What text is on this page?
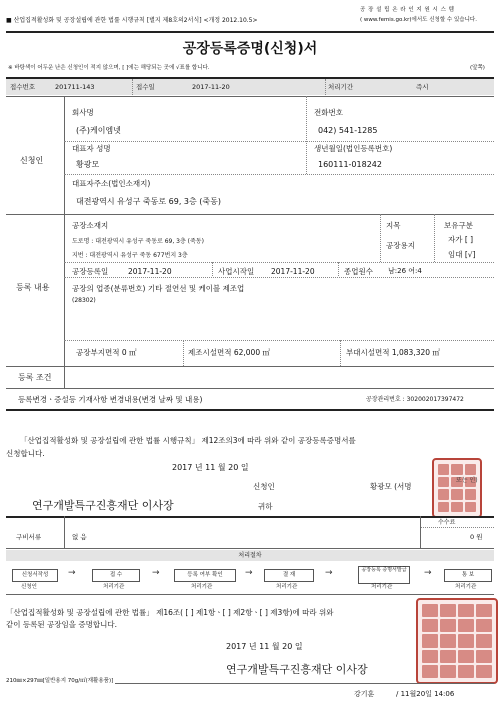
■ 산업집적활성화 및 공장설립에 관한 법률 시행규칙 [별지 제8호의2서식] <개정 2012.10.5>
공 장 설 립 온 라 인 지 원 시 스 템
( www.femis.go.kr)에서도 신청할 수 있습니다.
공장등록증명(신청)서
※ 바탕색이 어두운 난은 신청인이 적지 않으며, [ ]에는 해당되는 곳에 √표를 합니다.	(앞쪽)
접수번호	201711-143	접수일	2017-11-20	처리기간	즉시
신청인
회사명	전화번호
(주)케이엠넷	042) 541-1285
대표자 성명	생년월일(법인등록번호)
황광모	160111-018242
대표자주소(법인소재지)
대전광역시 유성구 죽동로 69, 3층 (죽동)
등록 내용
공장소재지
도로명 : 대전광역시 유성구 죽동로 69, 3층 (죽동)
지번 : 대전광역시 유성구 죽동 677번지 3층
지목
공장용지
보유구분
자가 [ ]
임대 [√]
공장등록일	2017-11-20	사업시작일 2017-11-20	종업원수 남:26 여:4
공장의 업종(분류번호) 기타 절연선 및 케이블 제조업
(28302)
공장부지면적 0 ㎡	제조시설면적 62,000 ㎡	부대시설면적 1,083,320 ㎡
등록 조건
등록변경ㆍ증설등 기재사항 변경내용(변경 날짜 및 내용)	공장관리번호 : 302002017397472
「산업집적활성화 및 공장설립에 관한 법률 시행규칙」 제12조의3에 따라 위와 같이 공장등록증명서를
신청합니다.
2017 년 11 월 20 일
신청인	황광모 (서명
또는 인)
연구개발특구진흥재단 이사장	귀하
수수료
구비서류	없 음	0 원
처리절차
신청서작성	→	접 수	→	등록 여부 확인	→	결 재	→	공장등록 증명서발급	→	통 보
신청인	처리기관	처리기관	처리기관	처리기관	처리기관
「산업집적활성화 및 공장설립에 관한 법률」 제16조( [ ] 제1항ㆍ[ ] 제2항ㆍ[ ] 제3항)에 따라 위와
같이 등록된 공장임을 증명합니다.
2017 년 11 월 20 일
연구개발특구진흥재단 이사장
210㎜×297㎜[일반용지 70g/㎡(재활용품)]
강기훈	/ 11월20일 14:06
